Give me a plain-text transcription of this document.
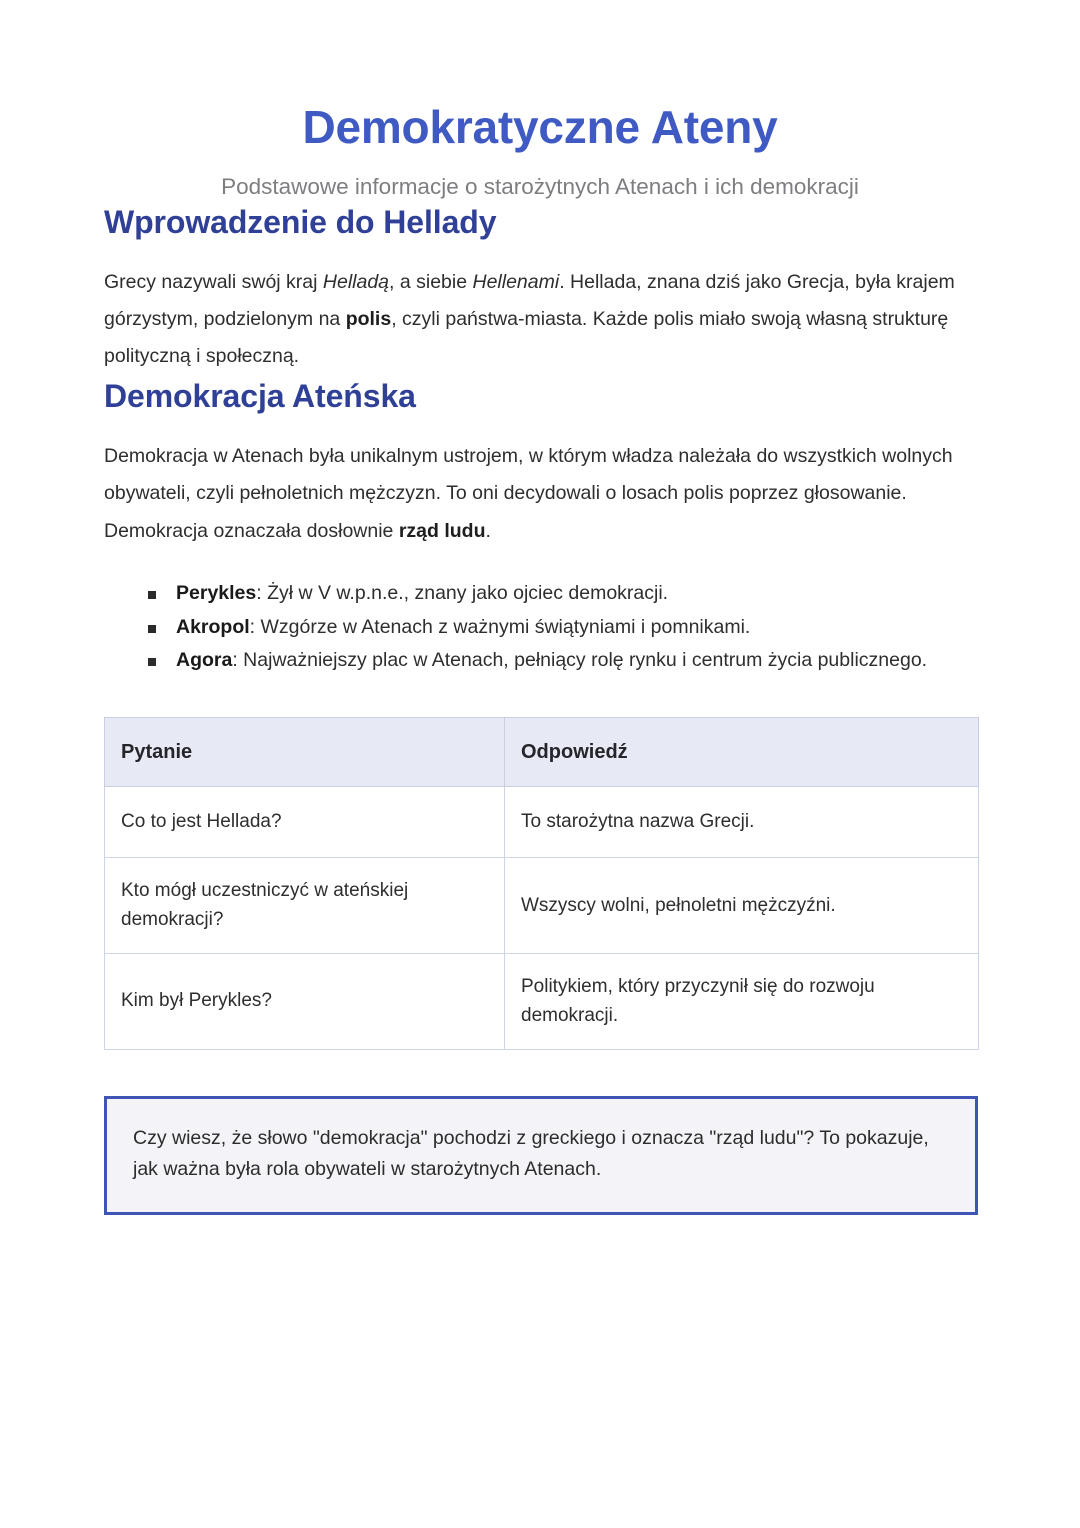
Demokratyczne Ateny

Podstawowe informacje o starożytnych Atenach i ich demokracji

Wprowadzenie do Hellady

Grecy nazywali swój kraj Helladą, a siebie Hellenami. Hellada, znana dziś jako Grecja, była krajem górzystym, podzielonym na polis, czyli państwa-miasta. Każde polis miało swoją własną strukturę polityczną i społeczną.

Demokracja Ateńska

Demokracja w Atenach była unikalnym ustrojem, w którym władza należała do wszystkich wolnych obywateli, czyli pełnoletnich mężczyzn. To oni decydowali o losach polis poprzez głosowanie. Demokracja oznaczała dosłownie rząd ludu.

Perykles: Żył w V w.p.n.e., znany jako ojciec demokracji.
Akropol: Wzgórze w Atenach z ważnymi świątyniami i pomnikami.
Agora: Najważniejszy plac w Atenach, pełniący rolę rynku i centrum życia publicznego.
Pytanie	Odpowiedź
Co to jest Hellada?	To starożytna nazwa Grecji.
Kto mógł uczestniczyć w ateńskiej demokracji?	Wszyscy wolni, pełnoletni mężczyźni.
Kim był Perykles?	Politykiem, który przyczynił się do rozwoju demokracji.

Czy wiesz, że słowo "demokracja" pochodzi z greckiego i oznacza "rząd ludu"? To pokazuje, jak ważna była rola obywateli w starożytnych Atenach.
